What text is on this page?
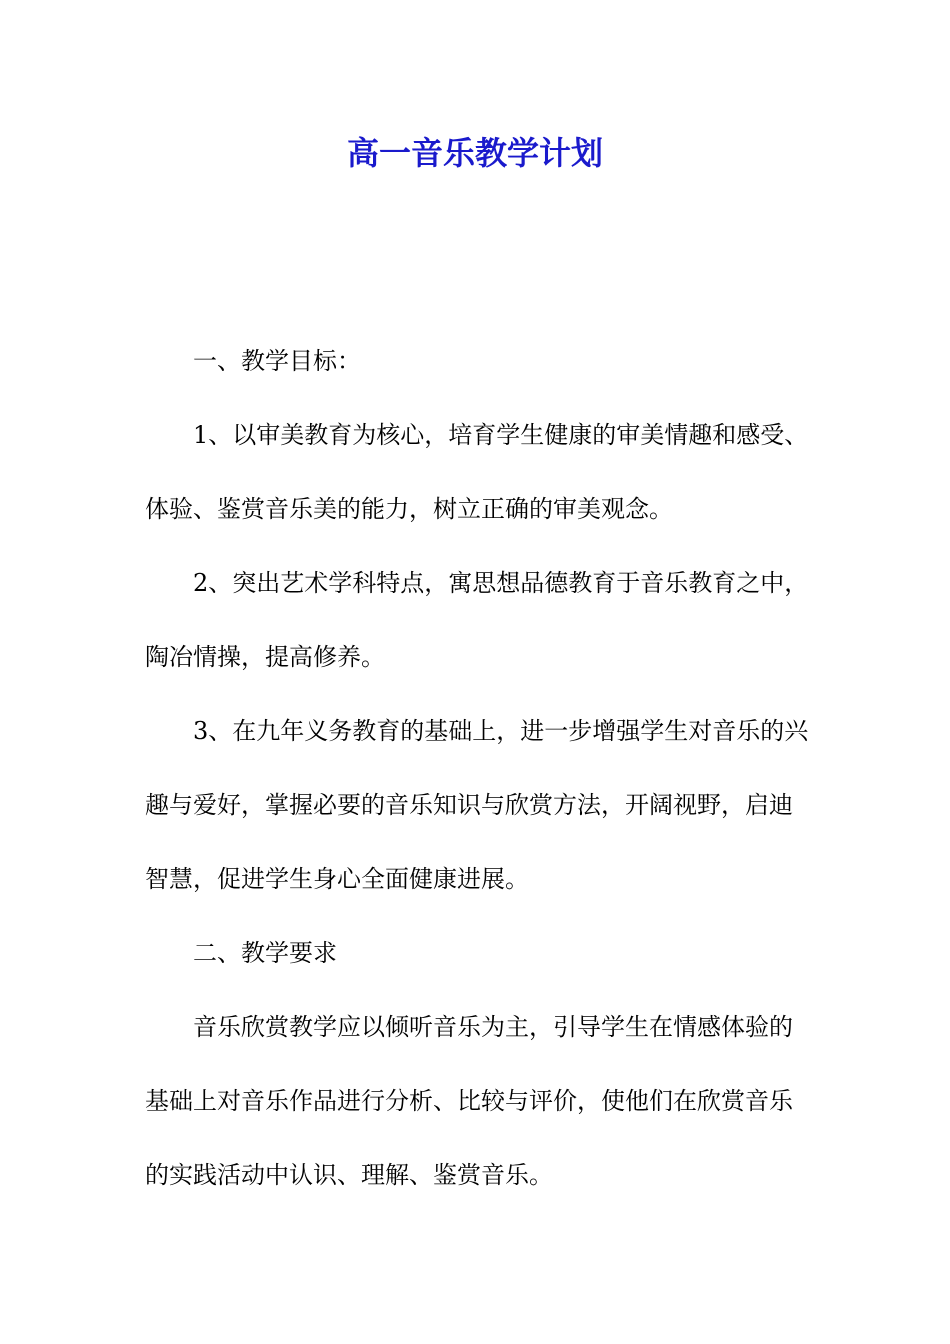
高一音乐教学计划

一、教学目标：

1、以审美教育为核心，培育学生健康的审美情趣和感受、体验、鉴赏音乐美的能力，树立正确的审美观念。

2、突出艺术学科特点，寓思想品德教育于音乐教育之中，陶冶情操，提高修养。

3、在九年义务教育的基础上，进一步增强学生对音乐的兴趣与爱好，掌握必要的音乐知识与欣赏方法，开阔视野，启迪智慧，促进学生身心全面健康进展。

二、教学要求

音乐欣赏教学应以倾听音乐为主，引导学生在情感体验的基础上对音乐作品进行分析、比较与评价，使他们在欣赏音乐的实践活动中认识、理解、鉴赏音乐。
